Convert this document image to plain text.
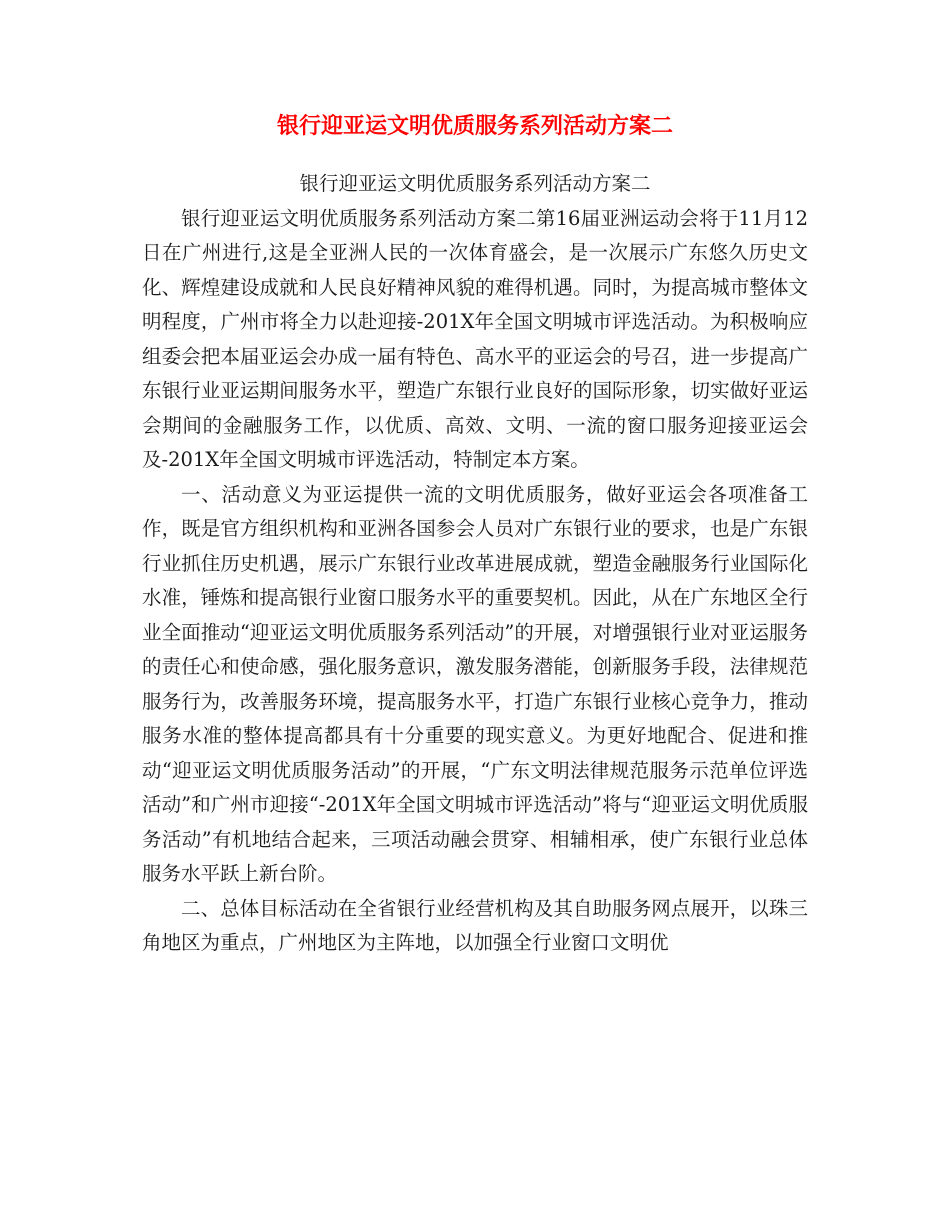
银行迎亚运文明优质服务系列活动方案二

银行迎亚运文明优质服务系列活动方案二

银行迎亚运文明优质服务系列活动方案二第16届亚洲运动会将于11月12日在广州进行,这是全亚洲人民的一次体育盛会，是一次展示广东悠久历史文化、辉煌建设成就和人民良好精神风貌的难得机遇。同时，为提高城市整体文明程度，广州市将全力以赴迎接-201X年全国文明城市评选活动。为积极响应组委会把本届亚运会办成一届有特色、高水平的亚运会的号召，进一步提高广东银行业亚运期间服务水平，塑造广东银行业良好的国际形象，切实做好亚运会期间的金融服务工作，以优质、高效、文明、一流的窗口服务迎接亚运会及-201X年全国文明城市评选活动，特制定本方案。

一、活动意义为亚运提供一流的文明优质服务，做好亚运会各项准备工作，既是官方组织机构和亚洲各国参会人员对广东银行业的要求，也是广东银行业抓住历史机遇，展示广东银行业改革进展成就，塑造金融服务行业国际化水准，锤炼和提高银行业窗口服务水平的重要契机。因此，从在广东地区全行业全面推动“迎亚运文明优质服务系列活动”的开展，对增强银行业对亚运服务的责任心和使命感，强化服务意识，激发服务潜能，创新服务手段，法律规范服务行为，改善服务环境，提高服务水平，打造广东银行业核心竞争力，推动服务水准的整体提高都具有十分重要的现实意义。为更好地配合、促进和推动“迎亚运文明优质服务活动”的开展，“广东文明法律规范服务示范单位评选活动”和广州市迎接“-201X年全国文明城市评选活动”将与“迎亚运文明优质服务活动”有机地结合起来，三项活动融会贯穿、相辅相承，使广东银行业总体服务水平跃上新台阶。

二、总体目标活动在全省银行业经营机构及其自助服务网点展开，以珠三角地区为重点，广州地区为主阵地，以加强全行业窗口文明优
